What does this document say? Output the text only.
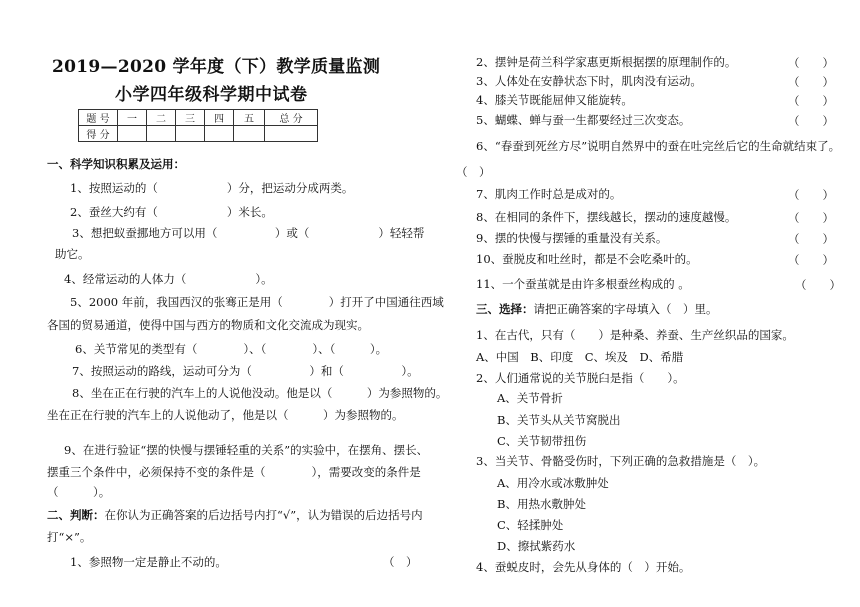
2019—2020 学年度（下）教学质量监测
小学四年级科学期中试卷
题 号	一	二	三	四	五	总 分
得 分						
一、科学知识积累及运用：
1、按照运动的（　　　　　　）分，把运动分成两类。
2、蚕丝大约有（　　　　　　）米长。
3、想把蚁蚕挪地方可以用（　　　　　）或（　　　　　　）轻轻帮
助它。
4、经常运动的人体力（　　　　　　）。
5、2000 年前，我国西汉的张骞正是用（　　　　）打开了中国通往西域
各国的贸易通道，使得中国与西方的物质和文化交流成为现实。
6、关节常见的类型有（　　　　）、（　　　　）、（　　　）。
7、按照运动的路线，运动可分为（　　　　　）和（　　　　　）。
8、坐在正在行驶的汽车上的人说他没动。他是以（　　　）为参照物的。
坐在正在行驶的汽车上的人说他动了，他是以（　　　）为参照物的。
9、在进行验证“摆的快慢与摆锤轻重的关系”的实验中，在摆角、摆长、
摆重三个条件中，必须保持不变的条件是（　　　　），需要改变的条件是
（　　　）。
二、判断：在你认为正确答案的后边括号内打“√”，认为错误的后边括号内
打“×”。
1、参照物一定是静止不动的。	（　）
2、摆钟是荷兰科学家惠更斯根据摆的原理制作的。	（　　）
3、人体处在安静状态下时，肌肉没有运动。	（　　）
4、膝关节既能屈伸又能旋转。	（　　）
5、蝴蝶、蝉与蚕一生都要经过三次变态。	（　　）
6、“春蚕到死丝方尽”说明自然界中的蚕在吐完丝后它的生命就结束了。
（　）
7、肌肉工作时总是成对的。	（　　）
8、在相同的条件下，摆线越长，摆动的速度越慢。	（　　）
9、摆的快慢与摆锤的重量没有关系。	（　　）
10、蚕脱皮和吐丝时，都是不会吃桑叶的。	（　　）
11、一个蚕茧就是由许多根蚕丝构成的 。	（　　）
三、选择：请把正确答案的字母填入（　）里。
1、在古代，只有（　　）是种桑、养蚕、生产丝织品的国家。
A、中国　B、印度　C、埃及　D、希腊
2、人们通常说的关节脱臼是指（　　）。
A、关节骨折
B、关节头从关节窝脱出
C、关节韧带扭伤
3、当关节、骨骼受伤时，下列正确的急救措施是（　）。
A、用冷水或冰敷肿处
B、用热水敷肿处
C、轻揉肿处
D、擦拭紫药水
4、蚕蜕皮时，会先从身体的（　）开始。
